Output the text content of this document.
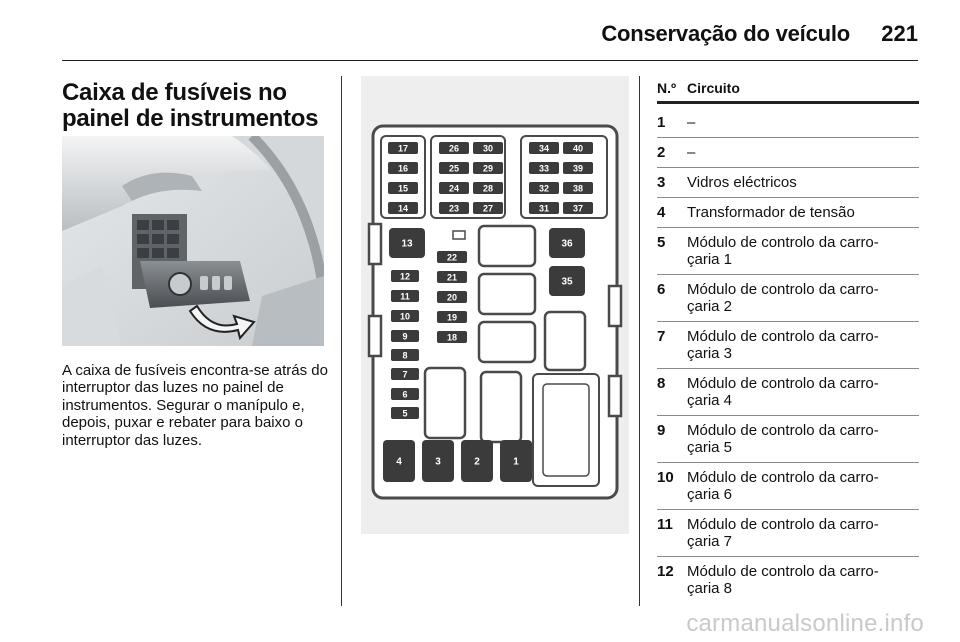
Conservação do veículo 221
Caixa de fusíveis no painel de instrumentos
A caixa de fusíveis encontra-se atrás do interruptor das luzes no painel de instrumentos. Segurar o manípulo e, depois, puxar e rebater para baixo o interruptor das luzes.
17
16
15
14
26
25
24
23
30
29
28
27
34
33
32
31
40
39
38
37
12
11
10
9
8
7
6
5
22
21
20
19
18
13	36
35
4	3	2	1
N.º Circuito
1	–
2	–
3	Vidros eléctricos
4	Transformador de tensão
5	Módulo de controlo da carro-
çaria 1
6	Módulo de controlo da carro-
çaria 2
7	Módulo de controlo da carro-
çaria 3
8	Módulo de controlo da carro-
çaria 4
9	Módulo de controlo da carro-
çaria 5
10 Módulo de controlo da carro-
çaria 6
11 Módulo de controlo da carro-
çaria 7
12 Módulo de controlo da carro-
çaria 8
carmanualsonline.info
